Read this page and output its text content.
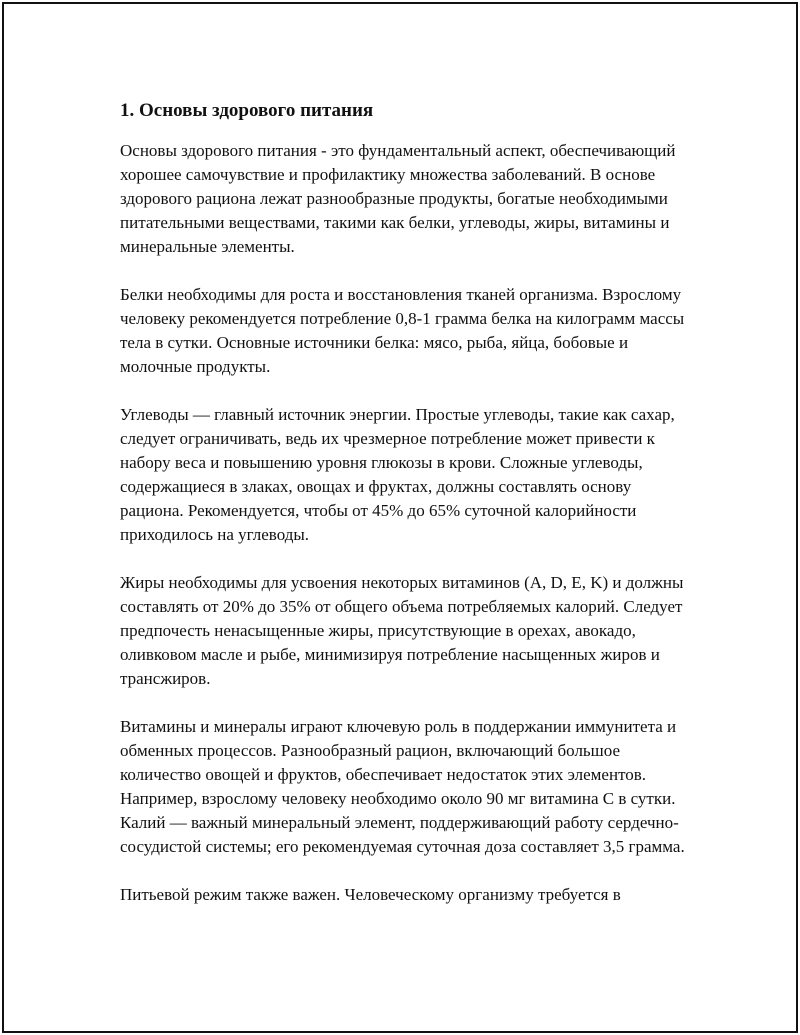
1. Основы здорового питания

Основы здорового питания - это фундаментальный аспект, обеспечивающий хорошее самочувствие и профилактику множества заболеваний. В основе здорового рациона лежат разнообразные продукты, богатые необходимыми питательными веществами, такими как белки, углеводы, жиры, витамины и минеральные элементы.

Белки необходимы для роста и восстановления тканей организма. Взрослому человеку рекомендуется потребление 0,8-1 грамма белка на килограмм массы тела в сутки. Основные источники белка: мясо, рыба, яйца, бобовые и молочные продукты.

Углеводы — главный источник энергии. Простые углеводы, такие как сахар, следует ограничивать, ведь их чрезмерное потребление может привести к набору веса и повышению уровня глюкозы в крови. Сложные углеводы, содержащиеся в злаках, овощах и фруктах, должны составлять основу рациона. Рекомендуется, чтобы от 45% до 65% суточной калорийности приходилось на углеводы.

Жиры необходимы для усвоения некоторых витаминов (A, D, E, K) и должны составлять от 20% до 35% от общего объема потребляемых калорий. Следует предпочесть ненасыщенные жиры, присутствующие в орехах, авокадо, оливковом масле и рыбе, минимизируя потребление насыщенных жиров и трансжиров.

Витамины и минералы играют ключевую роль в поддержании иммунитета и обменных процессов. Разнообразный рацион, включающий большое количество овощей и фруктов, обеспечивает недостаток этих элементов. Например, взрослому человеку необходимо около 90 мг витамина C в сутки. Калий — важный минеральный элемент, поддерживающий работу сердечно-сосудистой системы; его рекомендуемая суточная доза составляет 3,5 грамма.

Питьевой режим также важен. Человеческому организму требуется в
